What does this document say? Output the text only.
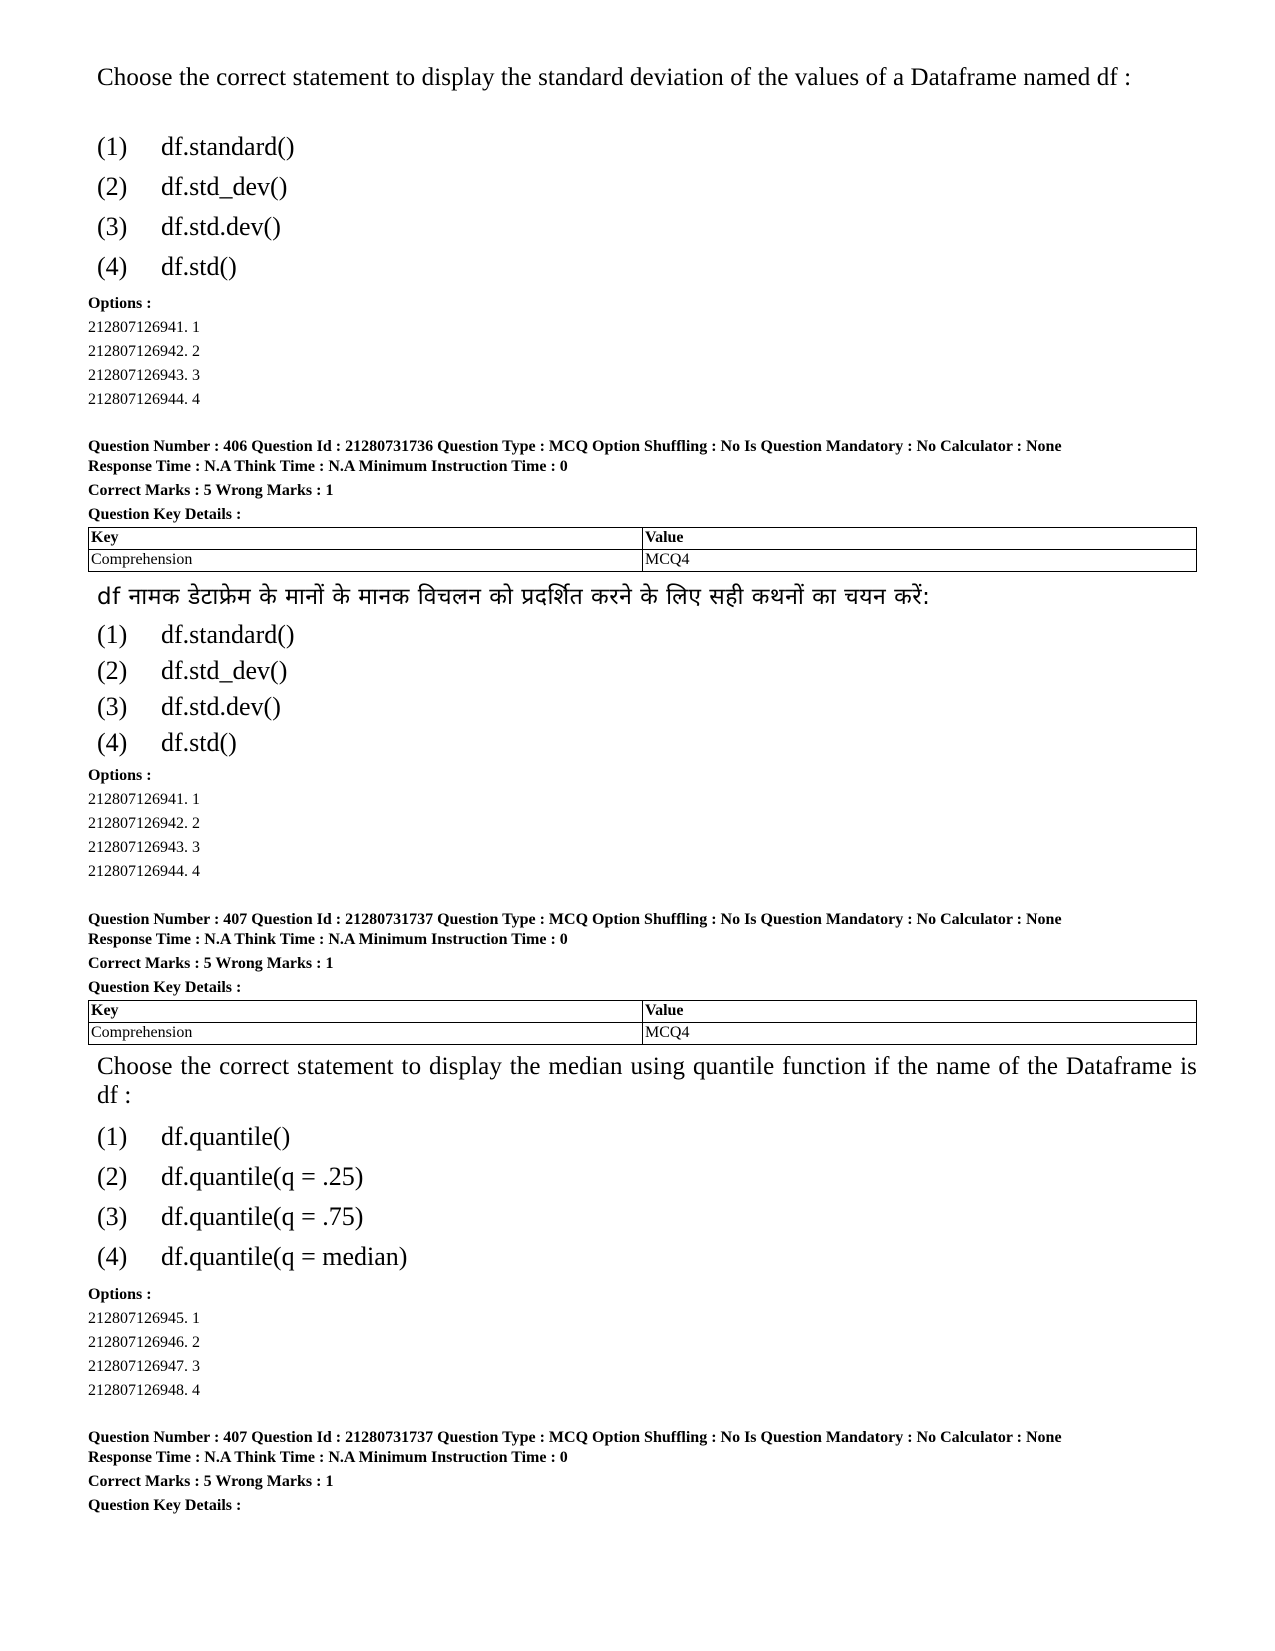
Choose the correct statement to display the standard deviation of the values of a Dataframe named df :
(1) df.standard()
(2) df.std_dev()
(3) df.std.dev()
(4) df.std()
Options :
212807126941. 1
212807126942. 2
212807126943. 3
212807126944. 4
Question Number : 406 Question Id : 21280731736 Question Type : MCQ Option Shuffling : No Is Question Mandatory : No Calculator : None
Response Time : N.A Think Time : N.A Minimum Instruction Time : 0
Correct Marks : 5 Wrong Marks : 1
Question Key Details :
Key	Value
Comprehension	MCQ4
df नामक डेटाफ्रेम के मानों के मानक विचलन को प्रदर्शित करने के लिए सही कथनों का चयन करें:
(1) df.standard()
(2) df.std_dev()
(3) df.std.dev()
(4) df.std()
Options :
212807126941. 1
212807126942. 2
212807126943. 3
212807126944. 4
Question Number : 407 Question Id : 21280731737 Question Type : MCQ Option Shuffling : No Is Question Mandatory : No Calculator : None
Response Time : N.A Think Time : N.A Minimum Instruction Time : 0
Correct Marks : 5 Wrong Marks : 1
Question Key Details :
Key	Value
Comprehension	MCQ4
Choose the correct statement to display the median using quantile function if the name of the Dataframe is df :
(1) df.quantile()
(2) df.quantile(q = .25)
(3) df.quantile(q = .75)
(4) df.quantile(q = median)
Options :
212807126945. 1
212807126946. 2
212807126947. 3
212807126948. 4
Question Number : 407 Question Id : 21280731737 Question Type : MCQ Option Shuffling : No Is Question Mandatory : No Calculator : None
Response Time : N.A Think Time : N.A Minimum Instruction Time : 0
Correct Marks : 5 Wrong Marks : 1
Question Key Details :
